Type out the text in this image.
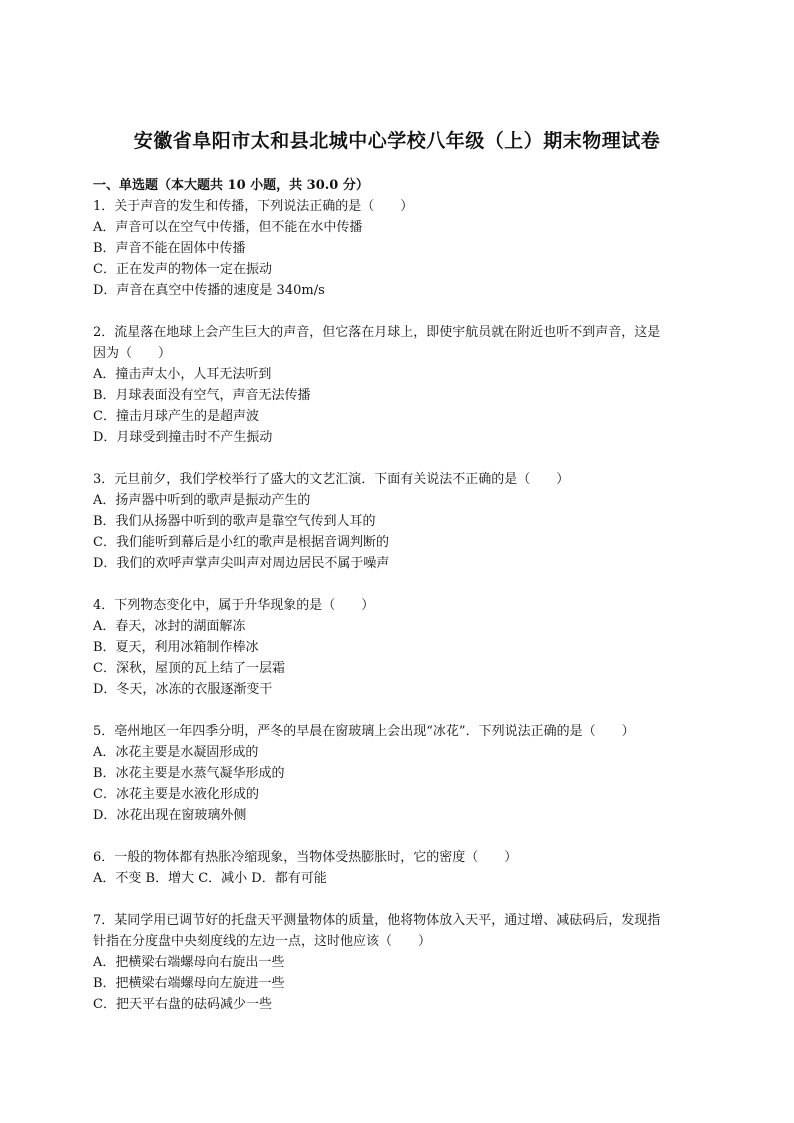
安徽省阜阳市太和县北城中心学校八年级（上）期末物理试卷
一、单选题（本大题共 10 小题，共 30.0 分）
1．关于声音的发生和传播，下列说法正确的是（　　）
A．声音可以在空气中传播，但不能在水中传播
B．声音不能在固体中传播
C．正在发声的物体一定在振动
D．声音在真空中传播的速度是 340m/s
2．流星落在地球上会产生巨大的声音，但它落在月球上，即使宇航员就在附近也听不到声音，这是
因为（　　）
A．撞击声太小，人耳无法听到
B．月球表面没有空气，声音无法传播
C．撞击月球产生的是超声波
D．月球受到撞击时不产生振动
3．元旦前夕，我们学校举行了盛大的文艺汇演．下面有关说法不正确的是（　　）
A．扬声器中听到的歌声是振动产生的
B．我们从扬器中听到的歌声是靠空气传到人耳的
C．我们能听到幕后是小红的歌声是根据音调判断的
D．我们的欢呼声掌声尖叫声对周边居民不属于噪声
4．下列物态变化中，属于升华现象的是（　　）
A．春天，冰封的湖面解冻
B．夏天，利用冰箱制作棒冰
C．深秋，屋顶的瓦上结了一层霜
D．冬天，冰冻的衣服逐渐变干
5．亳州地区一年四季分明，严冬的早晨在窗玻璃上会出现“冰花”．下列说法正确的是（　　）
A．冰花主要是水凝固形成的
B．冰花主要是水蒸气凝华形成的
C．冰花主要是水液化形成的
D．冰花出现在窗玻璃外侧
6．一般的物体都有热胀冷缩现象，当物体受热膨胀时，它的密度（　　）
A．不变 B．增大 C．减小 D．都有可能
7．某同学用已调节好的托盘天平测量物体的质量，他将物体放入天平，通过增、减砝码后，发现指
针指在分度盘中央刻度线的左边一点，这时他应该（　　）
A．把横梁右端螺母向右旋出一些
B．把横梁右端螺母向左旋进一些
C．把天平右盘的砝码减少一些
